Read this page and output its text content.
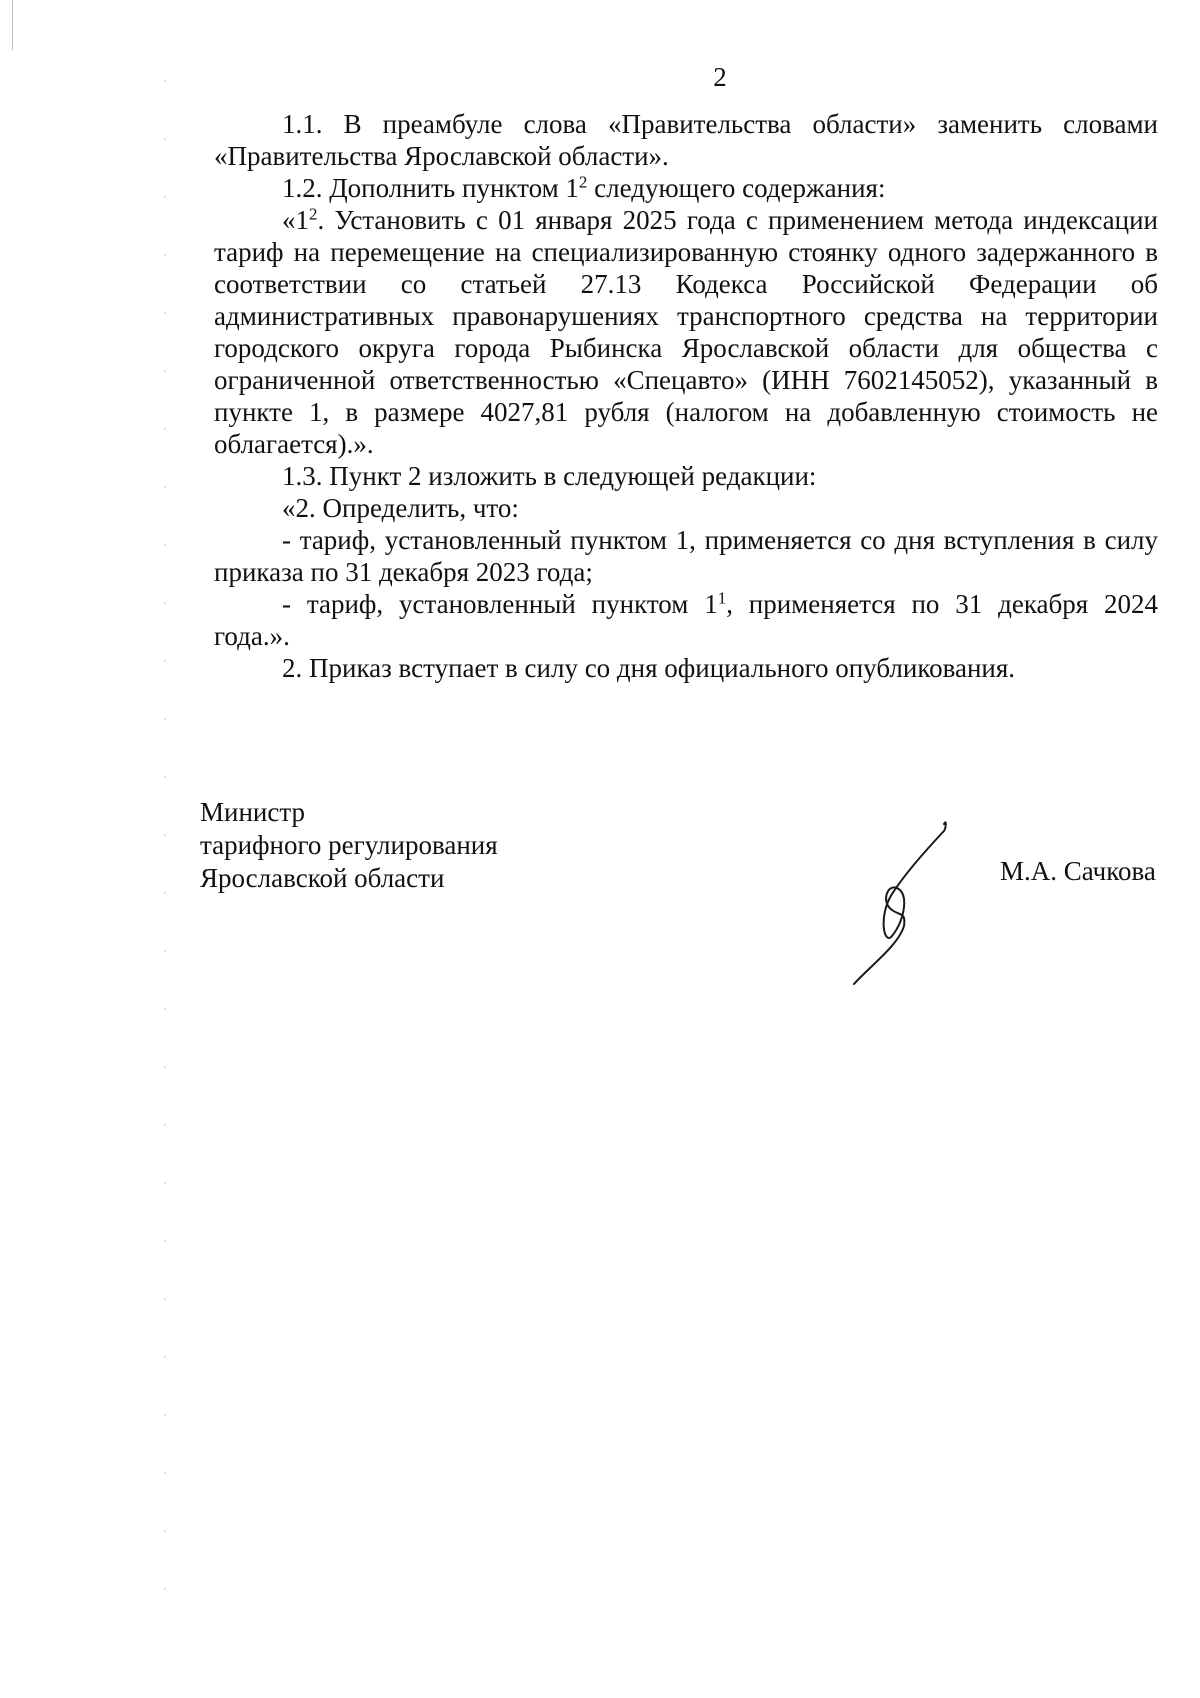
2

1.1. В преамбуле слова «Правительства области» заменить словами «Правительства Ярославской области».

1.2. Дополнить пунктом $1^2$ следующего содержания:

«$1^2$. Установить с 01 января 2025 года с применением метода индексации тариф на перемещение на специализированную стоянку одного задержанного в соответствии со статьей 27.13 Кодекса Российской Федерации об административных правонарушениях транспортного средства на территории городского округа города Рыбинска Ярославской области для общества с ограниченной ответственностью «Спецавто» (ИНН 7602145052), указанный в пункте 1, в размере 4027,81 рубля (налогом на добавленную стоимость не облагается).».

1.3. Пункт 2 изложить в следующей редакции:

«2. Определить, что:

- тариф, установленный пунктом 1, применяется со дня вступления в силу приказа по 31 декабря 2023 года;

- тариф, установленный пунктом $1^1$, применяется по 31 декабря 2024 года.».

2. Приказ вступает в силу со дня официального опубликования.

Министр
тарифного регулирования
Ярославской области	М.А. Сачкова
